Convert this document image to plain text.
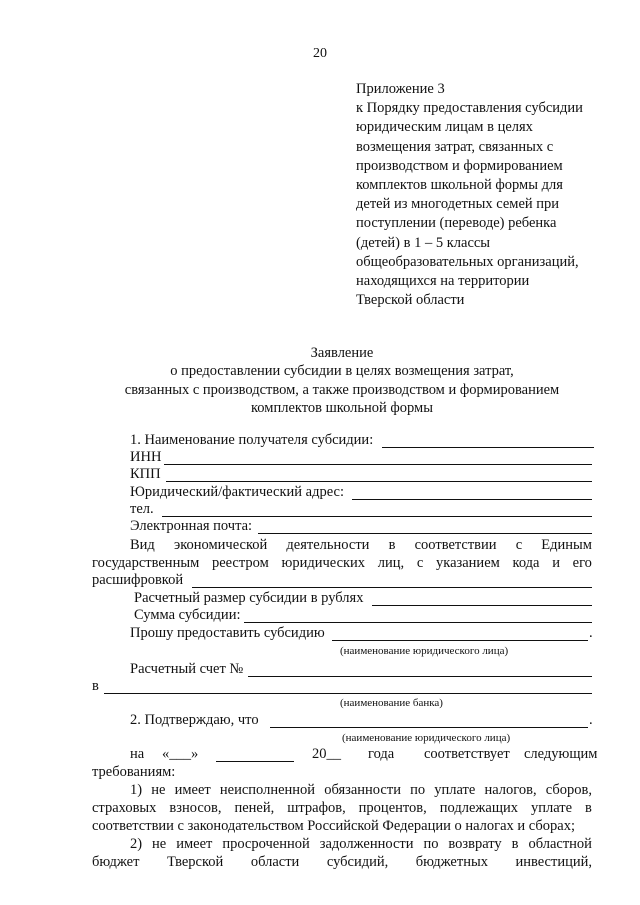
20
Приложение 3
к Порядку предоставления субсидии
юридическим лицам в целях
возмещения затрат, связанных с
производством и формированием
комплектов школьной формы для
детей из многодетных семей при
поступлении (переводе) ребенка
(детей) в 1 – 5 классы
общеобразовательных организаций,
находящихся на территории
Тверской области
Заявление
о предоставлении субсидии в целях возмещения затрат,
связанных с производством, а также производством и формированием
комплектов школьной формы
1. Наименование получателя субсидии:
ИНН
КПП
Юридический/фактический адрес:
тел.
Электронная почта:
Вид экономической деятельности в соответствии с Единым
государственным реестром юридических лиц, с указанием кода и его
расшифровкой
Расчетный размер субсидии в рублях
Сумма субсидии:
Прошу предоставить субсидию	.
(наименование юридического лица)
Расчетный счет №
в
(наименование банка)
2. Подтверждаю, что	.
(наименование юридического лица)
на «___»	20__ года соответствует следующим
требованиям:
1) не имеет неисполненной обязанности по уплате налогов, сборов,
страховых взносов, пеней, штрафов, процентов, подлежащих уплате в
соответствии с законодательством Российской Федерации о налогах и сборах;
2) не имеет просроченной задолженности по возврату в областной
бюджет Тверской области субсидий, бюджетных инвестиций,
